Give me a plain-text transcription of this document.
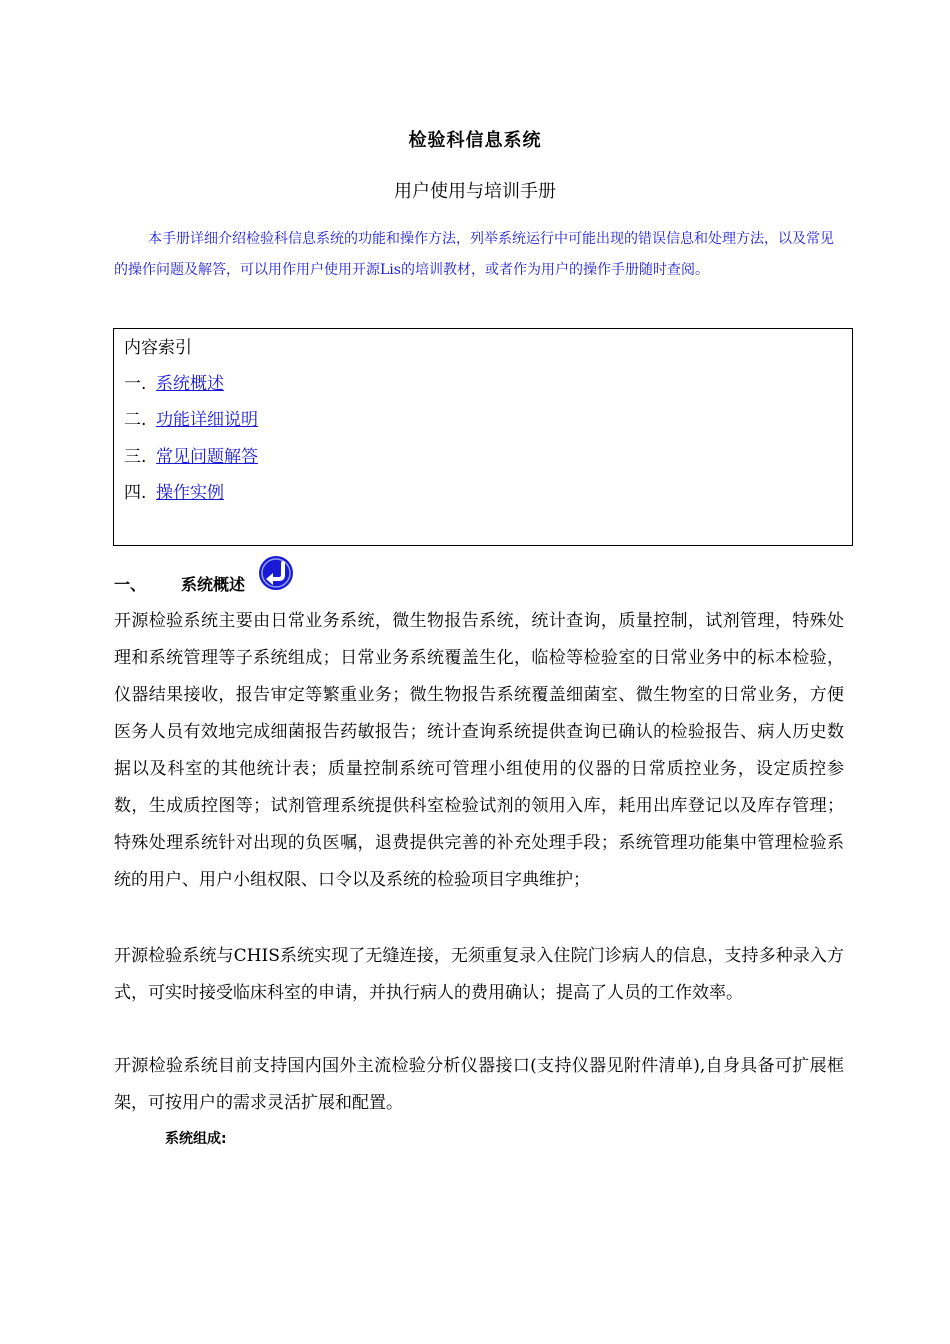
检验科信息系统
用户使用与培训手册
本手册详细介绍检验科信息系统的功能和操作方法，列举系统运行中可能出现的错误信息和处理方法，以及常见的操作问题及解答，可以用作用户使用开源Lis的培训教材，或者作为用户的操作手册随时查阅。
内容索引
一. 系统概述
二. 功能详细说明
三. 常见问题解答
四. 操作实例
一、 系统概述
开源检验系统主要由日常业务系统，微生物报告系统，统计查询，质量控制，试剂管理，特殊处理和系统管理等子系统组成；日常业务系统覆盖生化，临检等检验室的日常业务中的标本检验，仪器结果接收，报告审定等繁重业务；微生物报告系统覆盖细菌室、微生物室的日常业务，方便医务人员有效地完成细菌报告药敏报告；统计查询系统提供查询已确认的检验报告、病人历史数据以及科室的其他统计表；质量控制系统可管理小组使用的仪器的日常质控业务，设定质控参数，生成质控图等；试剂管理系统提供科室检验试剂的领用入库，耗用出库登记以及库存管理；特殊处理系统针对出现的负医嘱，退费提供完善的补充处理手段；系统管理功能集中管理检验系统的用户、用户小组权限、口令以及系统的检验项目字典维护；
开源检验系统与CHIS系统实现了无缝连接，无须重复录入住院门诊病人的信息，支持多种录入方式，可实时接受临床科室的申请，并执行病人的费用确认；提高了人员的工作效率。
开源检验系统目前支持国内国外主流检验分析仪器接口(支持仪器见附件清单),自身具备可扩展框架，可按用户的需求灵活扩展和配置。
系统组成:
